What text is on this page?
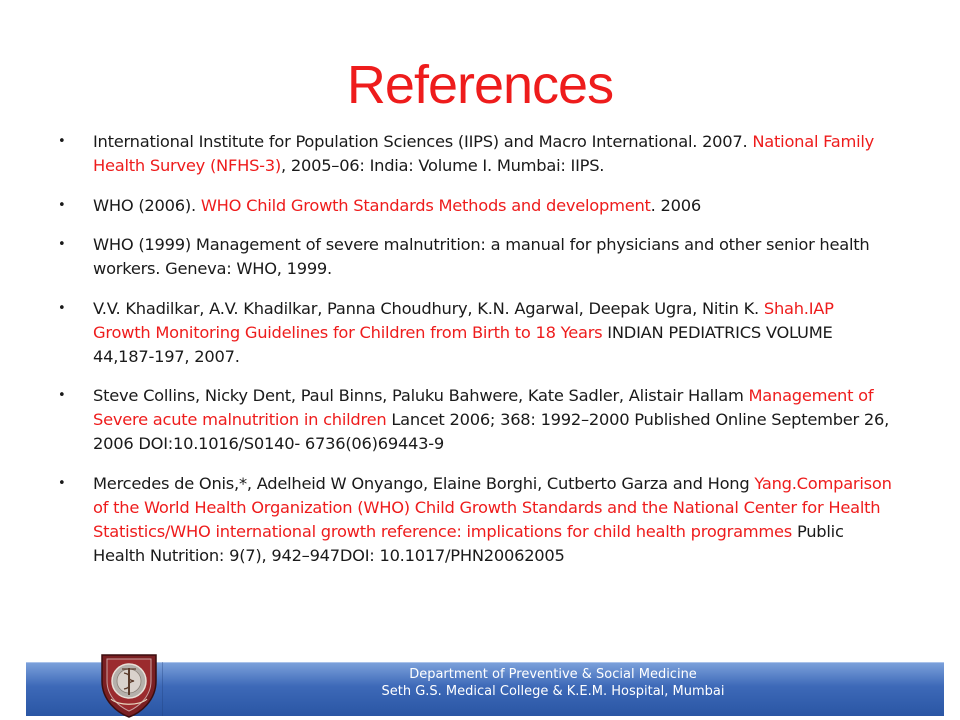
References
• International Institute for Population Sciences (IIPS) and Macro International. 2007. National Family Health Survey (NFHS-3), 2005–06: India: Volume I. Mumbai: IIPS.
• WHO (2006). WHO Child Growth Standards Methods and development. 2006
• WHO (1999) Management of severe malnutrition: a manual for physicians and other senior health workers. Geneva: WHO, 1999.
• V.V. Khadilkar, A.V. Khadilkar, Panna Choudhury, K.N. Agarwal, Deepak Ugra, Nitin K. Shah.IAP Growth Monitoring Guidelines for Children from Birth to 18 Years INDIAN PEDIATRICS VOLUME 44,187-197, 2007.
• Steve Collins, Nicky Dent, Paul Binns, Paluku Bahwere, Kate Sadler, Alistair Hallam Management of Severe acute malnutrition in children Lancet 2006; 368: 1992–2000 Published Online September 26, 2006 DOI:10.1016/S0140- 6736(06)69443-9
• Mercedes de Onis,*, Adelheid W Onyango, Elaine Borghi, Cutberto Garza and Hong Yang.Comparison of the World Health Organization (WHO) Child Growth Standards and the National Center for Health Statistics/WHO international growth reference: implications for child health programmes Public Health Nutrition: 9(7), 942–947DOI: 10.1017/PHN20062005
Department of Preventive & Social Medicine
Seth G.S. Medical College & K.E.M. Hospital, Mumbai
